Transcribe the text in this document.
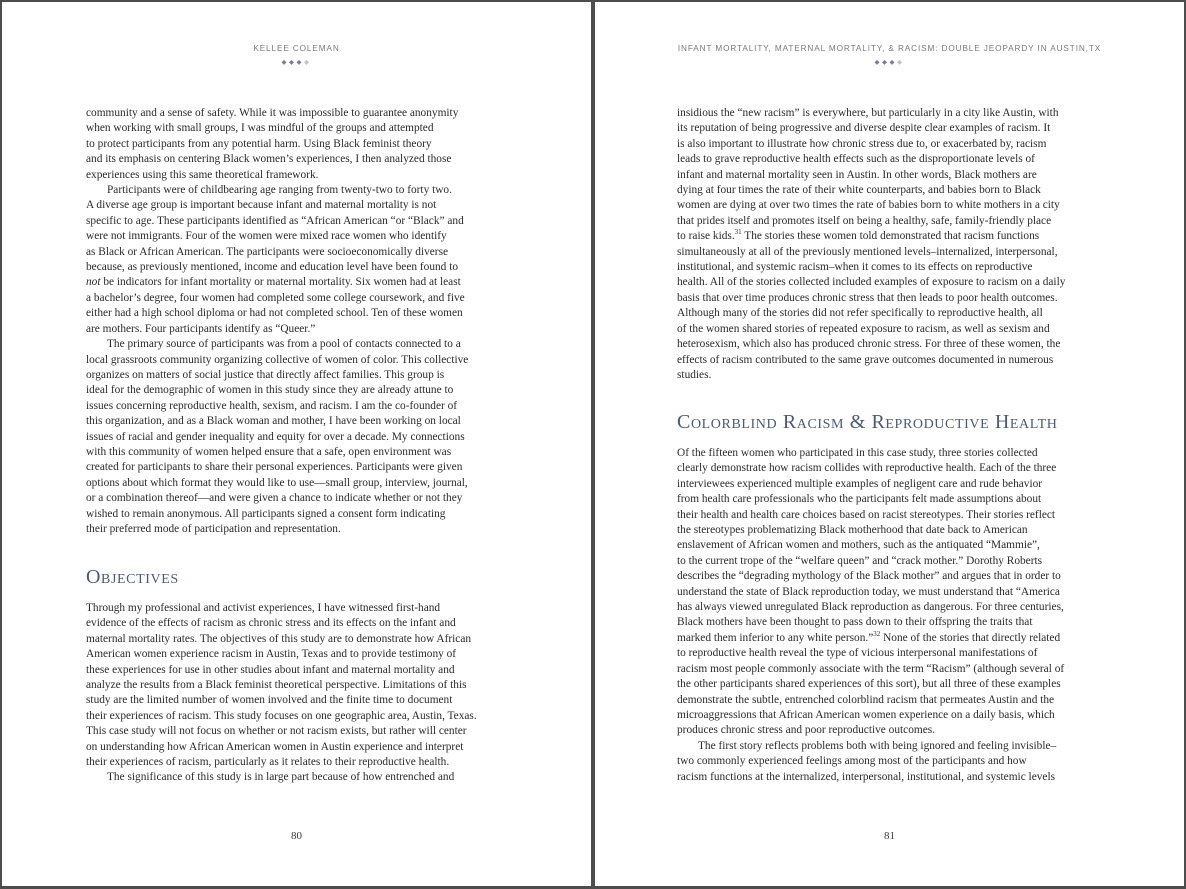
KELLEE COLEMAN
◆◆◆◆
community and a sense of safety. While it was impossible to guarantee anonymity
when working with small groups, I was mindful of the groups and attempted
to protect participants from any potential harm. Using Black feminist theory
and its emphasis on centering Black women’s experiences, I then analyzed those
experiences using this same theoretical framework.
Participants were of childbearing age ranging from twenty-two to forty two.
A diverse age group is important because infant and maternal mortality is not
specific to age. These participants identified as “African American “or “Black” and
were not immigrants. Four of the women were mixed race women who identify
as Black or African American. The participants were socioeconomically diverse
because, as previously mentioned, income and education level have been found to
not be indicators for infant mortality or maternal mortality. Six women had at least
a bachelor’s degree, four women had completed some college coursework, and five
either had a high school diploma or had not completed school. Ten of these women
are mothers. Four participants identify as “Queer.”
The primary source of participants was from a pool of contacts connected to a
local grassroots community organizing collective of women of color. This collective
organizes on matters of social justice that directly affect families. This group is
ideal for the demographic of women in this study since they are already attune to
issues concerning reproductive health, sexism, and racism. I am the co-founder of
this organization, and as a Black woman and mother, I have been working on local
issues of racial and gender inequality and equity for over a decade. My connections
with this community of women helped ensure that a safe, open environment was
created for participants to share their personal experiences. Participants were given
options about which format they would like to use—small group, interview, journal,
or a combination thereof—and were given a chance to indicate whether or not they
wished to remain anonymous. All participants signed a consent form indicating
their preferred mode of participation and representation.
Objectives
Through my professional and activist experiences, I have witnessed first-hand
evidence of the effects of racism as chronic stress and its effects on the infant and
maternal mortality rates. The objectives of this study are to demonstrate how African
American women experience racism in Austin, Texas and to provide testimony of
these experiences for use in other studies about infant and maternal mortality and
analyze the results from a Black feminist theoretical perspective. Limitations of this
study are the limited number of women involved and the finite time to document
their experiences of racism. This study focuses on one geographic area, Austin, Texas.
This case study will not focus on whether or not racism exists, but rather will center
on understanding how African American women in Austin experience and interpret
their experiences of racism, particularly as it relates to their reproductive health.
The significance of this study is in large part because of how entrenched and
80
INFANT MORTALITY, MATERNAL MORTALITY, & RACISM: DOUBLE JEOPARDY IN AUSTIN,TX
◆◆◆◆
insidious the “new racism” is everywhere, but particularly in a city like Austin, with
its reputation of being progressive and diverse despite clear examples of racism. It
is also important to illustrate how chronic stress due to, or exacerbated by, racism
leads to grave reproductive health effects such as the disproportionate levels of
infant and maternal mortality seen in Austin. In other words, Black mothers are
dying at four times the rate of their white counterparts, and babies born to Black
women are dying at over two times the rate of babies born to white mothers in a city
that prides itself and promotes itself on being a healthy, safe, family-friendly place
to raise kids.$^{31}$ The stories these women told demonstrated that racism functions
simultaneously at all of the previously mentioned levels–internalized, interpersonal,
institutional, and systemic racism–when it comes to its effects on reproductive
health. All of the stories collected included examples of exposure to racism on a daily
basis that over time produces chronic stress that then leads to poor health outcomes.
Although many of the stories did not refer specifically to reproductive health, all
of the women shared stories of repeated exposure to racism, as well as sexism and
heterosexism, which also has produced chronic stress. For three of these women, the
effects of racism contributed to the same grave outcomes documented in numerous
studies.
Colorblind Racism & Reproductive Health
Of the fifteen women who participated in this case study, three stories collected
clearly demonstrate how racism collides with reproductive health. Each of the three
interviewees experienced multiple examples of negligent care and rude behavior
from health care professionals who the participants felt made assumptions about
their health and health care choices based on racist stereotypes. Their stories reflect
the stereotypes problematizing Black motherhood that date back to American
enslavement of African women and mothers, such as the antiquated “Mammie”,
to the current trope of the “welfare queen” and “crack mother.” Dorothy Roberts
describes the “degrading mythology of the Black mother” and argues that in order to
understand the state of Black reproduction today, we must understand that “America
has always viewed unregulated Black reproduction as dangerous. For three centuries,
Black mothers have been thought to pass down to their offspring the traits that
marked them inferior to any white person.”$^{32}$ None of the stories that directly related
to reproductive health reveal the type of vicious interpersonal manifestations of
racism most people commonly associate with the term “Racism” (although several of
the other participants shared experiences of this sort), but all three of these examples
demonstrate the subtle, entrenched colorblind racism that permeates Austin and the
microaggressions that African American women experience on a daily basis, which
produces chronic stress and poor reproductive outcomes.
The first story reflects problems both with being ignored and feeling invisible–
two commonly experienced feelings among most of the participants and how
racism functions at the internalized, interpersonal, institutional, and systemic levels
81
